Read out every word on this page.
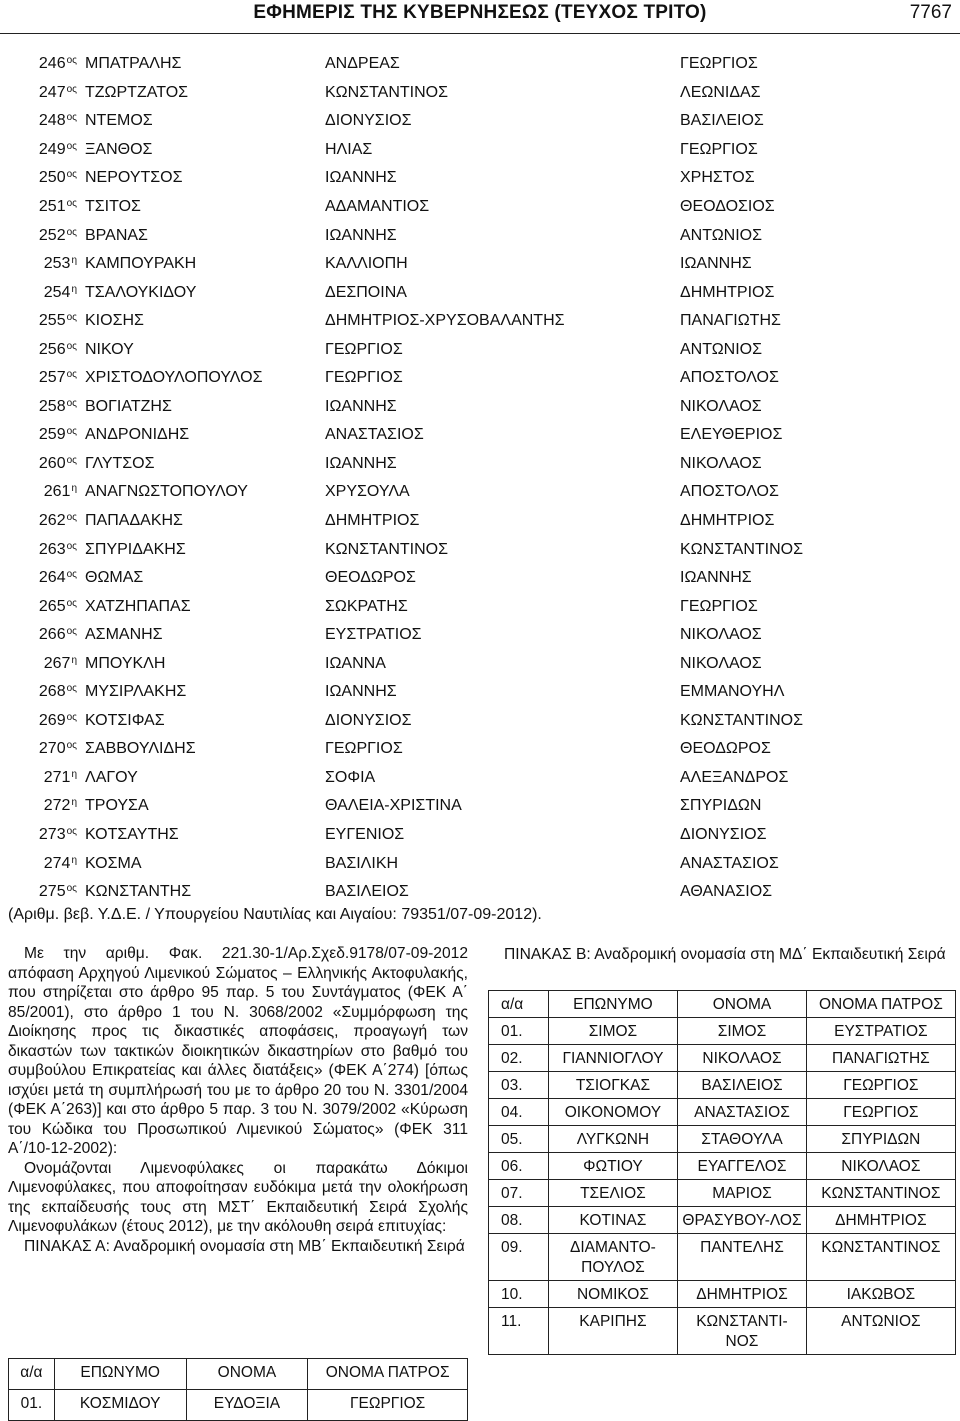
ΕΦΗΜΕΡΙΣ ΤΗΣ ΚΥΒΕΡΝΗΣΕΩΣ (ΤΕΥΧΟΣ ΤΡΙΤΟ)	7767
$246^{o\varsigma}$	ΜΠΑΤΡΑΛΗΣ	ΑΝΔΡΕΑΣ	ΓΕΩΡΓΙΟΣ
$247^{o\varsigma}$	ΤΖΩΡΤΖΑΤΟΣ	ΚΩΝΣΤΑΝΤΙΝΟΣ	ΛΕΩΝΙΔΑΣ
$248^{o\varsigma}$	ΝΤΕΜΟΣ	ΔΙΟΝΥΣΙΟΣ	ΒΑΣΙΛΕΙΟΣ
$249^{o\varsigma}$	ΞΑΝΘΟΣ	ΗΛΙΑΣ	ΓΕΩΡΓΙΟΣ
$250^{o\varsigma}$	ΝΕΡΟΥΤΣΟΣ	ΙΩΑΝΝΗΣ	ΧΡΗΣΤΟΣ
$251^{o\varsigma}$	ΤΣΙΤΟΣ	ΑΔΑΜΑΝΤΙΟΣ	ΘΕΟΔΟΣΙΟΣ
$252^{o\varsigma}$	ΒΡΑΝΑΣ	ΙΩΑΝΝΗΣ	ΑΝΤΩΝΙΟΣ
$253^\eta$	ΚΑΜΠΟΥΡΑΚΗ	ΚΑΛΛΙΟΠΗ	ΙΩΑΝΝΗΣ
$254^\eta$	ΤΣΑΛΟΥΚΙΔΟΥ	ΔΕΣΠΟΙΝΑ	ΔΗΜΗΤΡΙΟΣ
$255^{o\varsigma}$	ΚΙΟΣΗΣ	ΔΗΜΗΤΡΙΟΣ-ΧΡΥΣΟΒΑΛΑΝΤΗΣ	ΠΑΝΑΓΙΩΤΗΣ
$256^{o\varsigma}$	ΝΙΚΟΥ	ΓΕΩΡΓΙΟΣ	ΑΝΤΩΝΙΟΣ
$257^{o\varsigma}$	ΧΡΙΣΤΟΔΟΥΛΟΠΟΥΛΟΣ	ΓΕΩΡΓΙΟΣ	ΑΠΟΣΤΟΛΟΣ
$258^{o\varsigma}$	ΒΟΓΙΑΤΖΗΣ	ΙΩΑΝΝΗΣ	ΝΙΚΟΛΑΟΣ
$259^{o\varsigma}$	ΑΝΔΡΟΝΙΔΗΣ	ΑΝΑΣΤΑΣΙΟΣ	ΕΛΕΥΘΕΡΙΟΣ
$260^{o\varsigma}$	ΓΛΥΤΣΟΣ	ΙΩΑΝΝΗΣ	ΝΙΚΟΛΑΟΣ
$261^\eta$	ΑΝΑΓΝΩΣΤΟΠΟΥΛΟΥ	ΧΡΥΣΟΥΛΑ	ΑΠΟΣΤΟΛΟΣ
$262^{o\varsigma}$	ΠΑΠΑΔΑΚΗΣ	ΔΗΜΗΤΡΙΟΣ	ΔΗΜΗΤΡΙΟΣ
$263^{o\varsigma}$	ΣΠΥΡΙΔΑΚΗΣ	ΚΩΝΣΤΑΝΤΙΝΟΣ	ΚΩΝΣΤΑΝΤΙΝΟΣ
$264^{o\varsigma}$	ΘΩΜΑΣ	ΘΕΟΔΩΡΟΣ	ΙΩΑΝΝΗΣ
$265^{o\varsigma}$	ΧΑΤΖΗΠΑΠΑΣ	ΣΩΚΡΑΤΗΣ	ΓΕΩΡΓΙΟΣ
$266^{o\varsigma}$	ΑΣΜΑΝΗΣ	ΕΥΣΤΡΑΤΙΟΣ	ΝΙΚΟΛΑΟΣ
$267^\eta$	ΜΠΟΥΚΛΗ	ΙΩΑΝΝΑ	ΝΙΚΟΛΑΟΣ
$268^{o\varsigma}$	ΜΥΣΙΡΛΑΚΗΣ	ΙΩΑΝΝΗΣ	ΕΜΜΑΝΟΥΗΛ
$269^{o\varsigma}$	ΚΟΤΣΙΦΑΣ	ΔΙΟΝΥΣΙΟΣ	ΚΩΝΣΤΑΝΤΙΝΟΣ
$270^{o\varsigma}$	ΣΑΒΒΟΥΛΙΔΗΣ	ΓΕΩΡΓΙΟΣ	ΘΕΟΔΩΡΟΣ
$271^\eta$	ΛΑΓΟΥ	ΣΟΦΙΑ	ΑΛΕΞΑΝΔΡΟΣ
$272^\eta$	ΤΡΟΥΣΑ	ΘΑΛΕΙΑ-ΧΡΙΣΤΙΝΑ	ΣΠΥΡΙΔΩΝ
$273^{o\varsigma}$	ΚΟΤΣΑΥΤΗΣ	ΕΥΓΕΝΙΟΣ	ΔΙΟΝΥΣΙΟΣ
$274^\eta$	ΚΟΣΜΑ	ΒΑΣΙΛΙΚΗ	ΑΝΑΣΤΑΣΙΟΣ
$275^{o\varsigma}$	ΚΩΝΣΤΑΝΤΗΣ	ΒΑΣΙΛΕΙΟΣ	ΑΘΑΝΑΣΙΟΣ
(Αριθμ. βεβ. Υ.Δ.Ε. / Υπουργείου Ναυτιλίας και Αιγαίου: 79351/07-09-2012).

Με την αριθμ. Φακ. 221.30-1/Αρ.Σχεδ.9178/07-09-2012 απόφαση Αρχηγού Λιμενικού Σώματος – Ελληνικής Ακτοφυλακής, που στηρίζεται στο άρθρο 95 παρ. 5 του Συντάγματος (ΦΕΚ Α΄ 85/2001), στο άρθρο 1 του Ν. 3068/2002 «Συμμόρφωση της Διοίκησης προς τις δικαστικές αποφάσεις, προαγωγή των δικαστών των τακτικών διοικητικών δικαστηρίων στο βαθμό του συμβούλου Επικρατείας και άλλες διατάξεις» (ΦΕΚ Α΄274) [όπως ισχύει μετά τη συμπλήρωσή του με το άρθρο 20 του Ν. 3301/2004 (ΦΕΚ Α΄263)] και στο άρθρο 5 παρ. 3 του Ν. 3079/2002 «Κύρωση του Κώδικα του Προσωπικού Λιμενικού Σώματος» (ΦΕΚ 311 Α΄/10-12-2002):

Ονομάζονται Λιμενοφύλακες οι παρακάτω Δόκιμοι Λιμενοφύλακες, που αποφοίτησαν ευδόκιμα μετά την ολοκήρωση της εκπαίδευσής τους στη ΜΣΤ΄ Εκπαιδευτική Σειρά Σχολής Λιμενοφυλάκων (έτους 2012), με την ακόλουθη σειρά επιτυχίας:

ΠΙΝΑΚΑΣ Α: Αναδρομική ονομασία στη ΜΒ΄ Εκπαιδευτική Σειρά

α/α	ΕΠΩΝΥΜΟ	ΟΝΟΜΑ	ΟΝΟΜΑ ΠΑΤΡΟΣ
01.	ΚΟΣΜΙΔΟΥ	ΕΥΔΟΞΙΑ	ΓΕΩΡΓΙΟΣ
ΠΙΝΑΚΑΣ Β: Αναδρομική ονομασία στη ΜΔ΄ Εκπαιδευτική Σειρά
α/α	ΕΠΩΝΥΜΟ	ΟΝΟΜΑ	ΟΝΟΜΑ ΠΑΤΡΟΣ
01.	ΣΙΜΟΣ	ΣΙΜΟΣ	ΕΥΣΤΡΑΤΙΟΣ
02.	ΓΙΑΝΝΙΟΓΛΟΥ	ΝΙΚΟΛΑΟΣ	ΠΑΝΑΓΙΩΤΗΣ
03.	ΤΣΙΟΓΚΑΣ	ΒΑΣΙΛΕΙΟΣ	ΓΕΩΡΓΙΟΣ
04.	ΟΙΚΟΝΟΜΟΥ	ΑΝΑΣΤΑΣΙΟΣ	ΓΕΩΡΓΙΟΣ
05.	ΛΥΓΚΩΝΗ	ΣΤΑΘΟΥΛΑ	ΣΠΥΡΙΔΩΝ
06.	ΦΩΤΙΟΥ	ΕΥΑΓΓΕΛΟΣ	ΝΙΚΟΛΑΟΣ
07.	ΤΣΕΛΙΟΣ	ΜΑΡΙΟΣ	ΚΩΝΣΤΑΝΤΙΝΟΣ
08.	ΚΟΤΙΝΑΣ	ΘΡΑΣΥΒΟΥ-ΛΟΣ	ΔΗΜΗΤΡΙΟΣ
09.	ΔΙΑΜΑΝΤΟ-ΠΟΥΛΟΣ	ΠΑΝΤΕΛΗΣ	ΚΩΝΣΤΑΝΤΙΝΟΣ
10.	ΝΟΜΙΚΟΣ	ΔΗΜΗΤΡΙΟΣ	ΙΑΚΩΒΟΣ
11.	ΚΑΡΙΠΗΣ	ΚΩΝΣΤΑΝΤΙ-ΝΟΣ	ΑΝΤΩΝΙΟΣ
